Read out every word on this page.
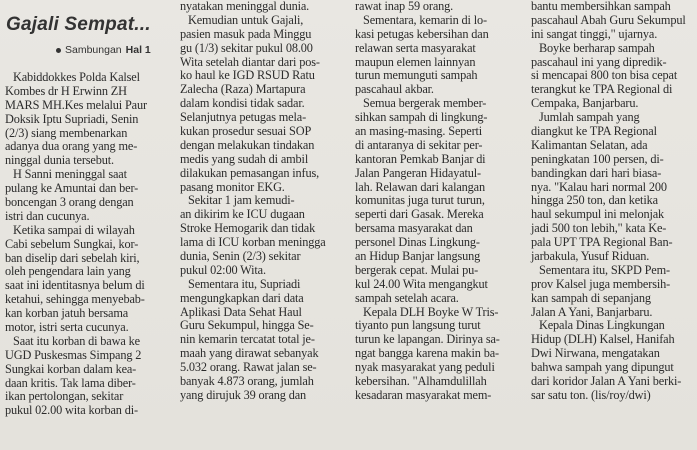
Gajali Sempat...
Sambungan Hal 1
Kabiddokkes Polda Kalsel
Kombes dr H Erwinn ZH
MARS MH.Kes melalui Paur
Doksik Iptu Supriadi, Senin
(2/3) siang membenarkan
adanya dua orang yang me-
ninggal dunia tersebut.
H Sanni meninggal saat
pulang ke Amuntai dan ber-
boncengan 3 orang dengan
istri dan cucunya.
Ketika sampai di wilayah
Cabi sebelum Sungkai, kor-
ban diselip dari sebelah kiri,
oleh pengendara lain yang
saat ini identitasnya belum di
ketahui, sehingga menyebab-
kan korban jatuh bersama
motor, istri serta cucunya.
Saat itu korban di bawa ke
UGD Puskesmas Simpang 2
Sungkai korban dalam kea-
daan kritis. Tak lama diber-
ikan pertolongan, sekitar
pukul 02.00 wita korban di-
nyatakan meninggal dunia.
Kemudian untuk Gajali,
pasien masuk pada Minggu
gu (1/3) sekitar pukul 08.00
Wita setelah diantar dari pos-
ko haul ke IGD RSUD Ratu
Zalecha (Raza) Martapura
dalam kondisi tidak sadar.
Selanjutnya petugas mela-
kukan prosedur sesuai SOP
dengan melakukan tindakan
medis yang sudah di ambil
dilakukan pemasangan infus,
pasang monitor EKG.
Sekitar 1 jam kemudi-
an dikirim ke ICU dugaan
Stroke Hemogarik dan tidak
lama di ICU korban meningga
dunia, Senin (2/3) sekitar
pukul 02:00 Wita.
Sementara itu, Supriadi
mengungkapkan dari data
Aplikasi Data Sehat Haul
Guru Sekumpul, hingga Se-
nin kemarin tercatat total je-
maah yang dirawat sebanyak
5.032 orang. Rawat jalan se-
banyak 4.873 orang, jumlah
yang dirujuk 39 orang dan
rawat inap 59 orang.
Sementara, kemarin di lo-
kasi petugas kebersihan dan
relawan serta masyarakat
maupun elemen lainnyan
turun memunguti sampah
pascahaul akbar.
Semua bergerak member-
sihkan sampah di lingkung-
an masing-masing. Seperti
di antaranya di sekitar per-
kantoran Pemkab Banjar di
Jalan Pangeran Hidayatul-
lah. Relawan dari kalangan
komunitas juga turut turun,
seperti dari Gasak. Mereka
bersama masyarakat dan
personel Dinas Lingkung-
an Hidup Banjar langsung
bergerak cepat. Mulai pu-
kul 24.00 Wita mengangkut
sampah setelah acara.
Kepala DLH Boyke W Tris-
tiyanto pun langsung turut
turun ke lapangan. Dirinya sa-
ngat bangga karena makin ba-
nyak masyarakat yang peduli
kebersihan. "Alhamdulillah
kesadaran masyarakat mem-
bantu membersihkan sampah
pascahaul Abah Guru Sekumpul
ini sangat tinggi," ujarnya.
Boyke berharap sampah
pascahaul ini yang dipredik-
si mencapai 800 ton bisa cepat
terangkut ke TPA Regional di
Cempaka, Banjarbaru.
Jumlah sampah yang
diangkut ke TPA Regional
Kalimantan Selatan, ada
peningkatan 100 persen, di-
bandingkan dari hari biasa-
nya. "Kalau hari normal 200
hingga 250 ton, dan ketika
haul sekumpul ini melonjak
jadi 500 ton lebih," kata Ke-
pala UPT TPA Regional Ban-
jarbakula, Yusuf Riduan.
Sementara itu, SKPD Pem-
prov Kalsel juga membersih-
kan sampah di sepanjang
Jalan A Yani, Banjarbaru.
Kepala Dinas Lingkungan
Hidup (DLH) Kalsel, Hanifah
Dwi Nirwana, mengatakan
bahwa sampah yang dipungut
dari koridor Jalan A Yani berki-
sar satu ton. (lis/roy/dwi)
